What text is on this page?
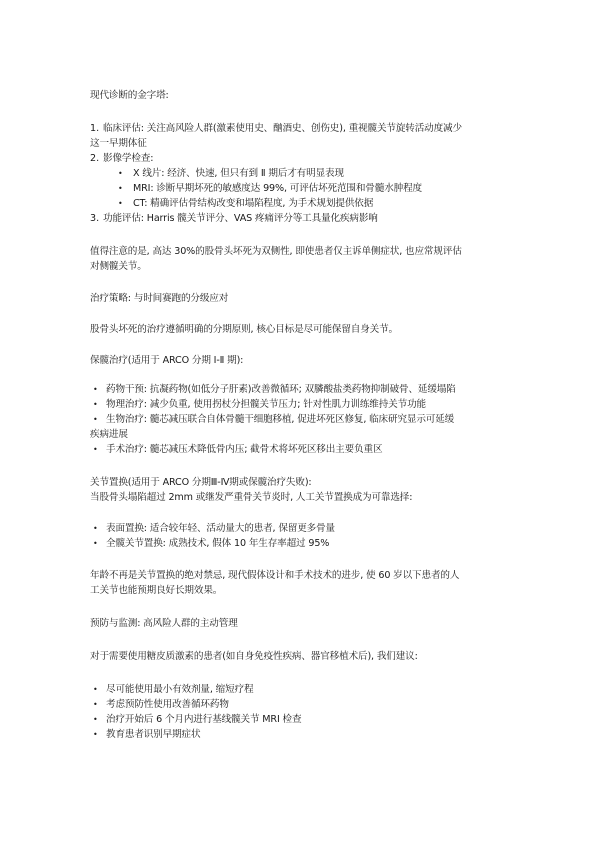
现代诊断的金字塔:
1. 临床评估: 关注高风险人群(激素使用史、酗酒史、创伤史), 重视髋关节旋转活动度减少
这一早期体征
2. 影像学检查:
• X 线片: 经济、快速, 但只有到 Ⅱ 期后才有明显表现
• MRI: 诊断早期坏死的敏感度达 99%, 可评估坏死范围和骨髓水肿程度
• CT: 精确评估骨结构改变和塌陷程度, 为手术规划提供依据
3. 功能评估: Harris 髋关节评分、VAS 疼痛评分等工具量化疾病影响
值得注意的是, 高达 30%的股骨头坏死为双侧性, 即使患者仅主诉单侧症状, 也应常规评估
对侧髋关节。
治疗策略: 与时间赛跑的分级应对
股骨头坏死的治疗遵循明确的分期原则, 核心目标是尽可能保留自身关节。
保髋治疗(适用于 ARCO 分期 Ⅰ-Ⅱ 期):
• 药物干预: 抗凝药物(如低分子肝素)改善微循环; 双膦酸盐类药物抑制破骨、延缓塌陷
• 物理治疗: 减少负重, 使用拐杖分担髋关节压力; 针对性肌力训练维持关节功能
• 生物治疗: 髓芯减压联合自体骨髓干细胞移植, 促进坏死区修复, 临床研究显示可延缓
疾病进展
• 手术治疗: 髓芯减压术降低骨内压; 截骨术将坏死区移出主要负重区
关节置换(适用于 ARCO 分期Ⅲ-Ⅳ期或保髋治疗失败):
当股骨头塌陷超过 2mm 或继发严重骨关节炎时, 人工关节置换成为可靠选择:
• 表面置换: 适合较年轻、活动量大的患者, 保留更多骨量
• 全髋关节置换: 成熟技术, 假体 10 年生存率超过 95%
年龄不再是关节置换的绝对禁忌, 现代假体设计和手术技术的进步, 使 60 岁以下患者的人
工关节也能预期良好长期效果。
预防与监测: 高风险人群的主动管理
对于需要使用糖皮质激素的患者(如自身免疫性疾病、器官移植术后), 我们建议:
• 尽可能使用最小有效剂量, 缩短疗程
• 考虑预防性使用改善循环药物
• 治疗开始后 6 个月内进行基线髋关节 MRI 检查
• 教育患者识别早期症状
